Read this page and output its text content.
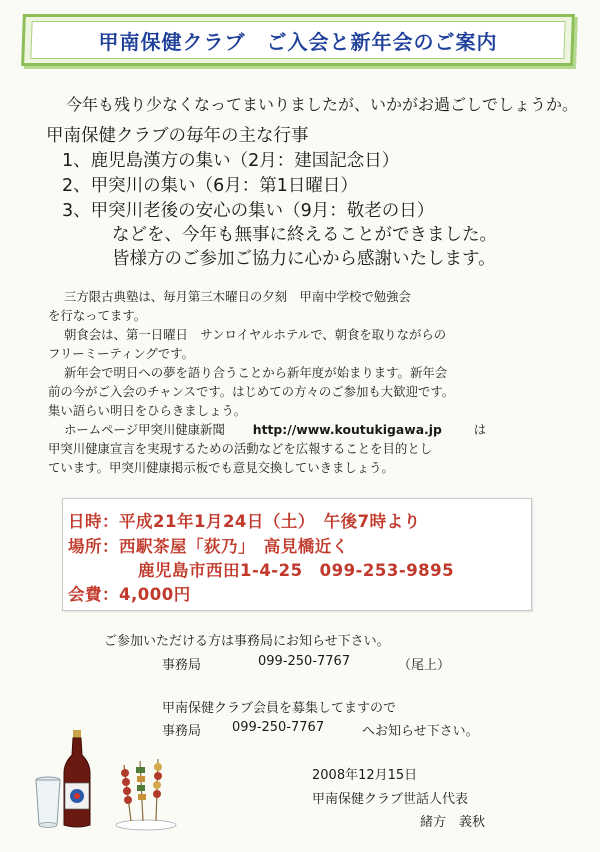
甲南保健クラブ　ご入会と新年会のご案内
今年も残り少なくなってまいりましたが、いかがお過ごしでしょうか。
甲南保健クラブの毎年の主な行事
1、鹿児島漢方の集い（2月：建国記念日）
2、甲突川の集い（6月：第1日曜日）
3、甲突川老後の安心の集い（9月：敬老の日）
などを、今年も無事に終えることができました。
皆様方のご参加ご協力に心から感謝いたします。
三方限古典塾は、毎月第三木曜日の夕刻　甲南中学校で勉強会
を行なってます。
朝食会は、第一日曜日　サンロイヤルホテルで、朝食を取りながらの
フリーミーティングです。
新年会で明日への夢を語り合うことから新年度が始まります。新年会
前の今がご入会のチャンスです。はじめての方々のご参加も大歓迎です。
集い語らい明日をひらきましょう。
ホームページ甲突川健康新聞 http://www.koutukigawa.jp	は
甲突川健康宣言を実現するための活動などを広報することを目的とし
ています。甲突川健康掲示板でも意見交換していきましょう。
日時：平成21年1月24日（土）　午後7時より
場所：西駅茶屋「荻乃」　高見橋近く
鹿児島市西田1-4-25　099-253-9895
会費：4,000円
ご参加いただける方は事務局にお知らせ下さい。
事務局	099-250-7767	（尾上）
甲南保健クラブ会員を募集してますので
事務局 099-250-7767	へお知らせ下さい。
2008年12月15日
甲南保健クラブ世話人代表
緒方　義秋
